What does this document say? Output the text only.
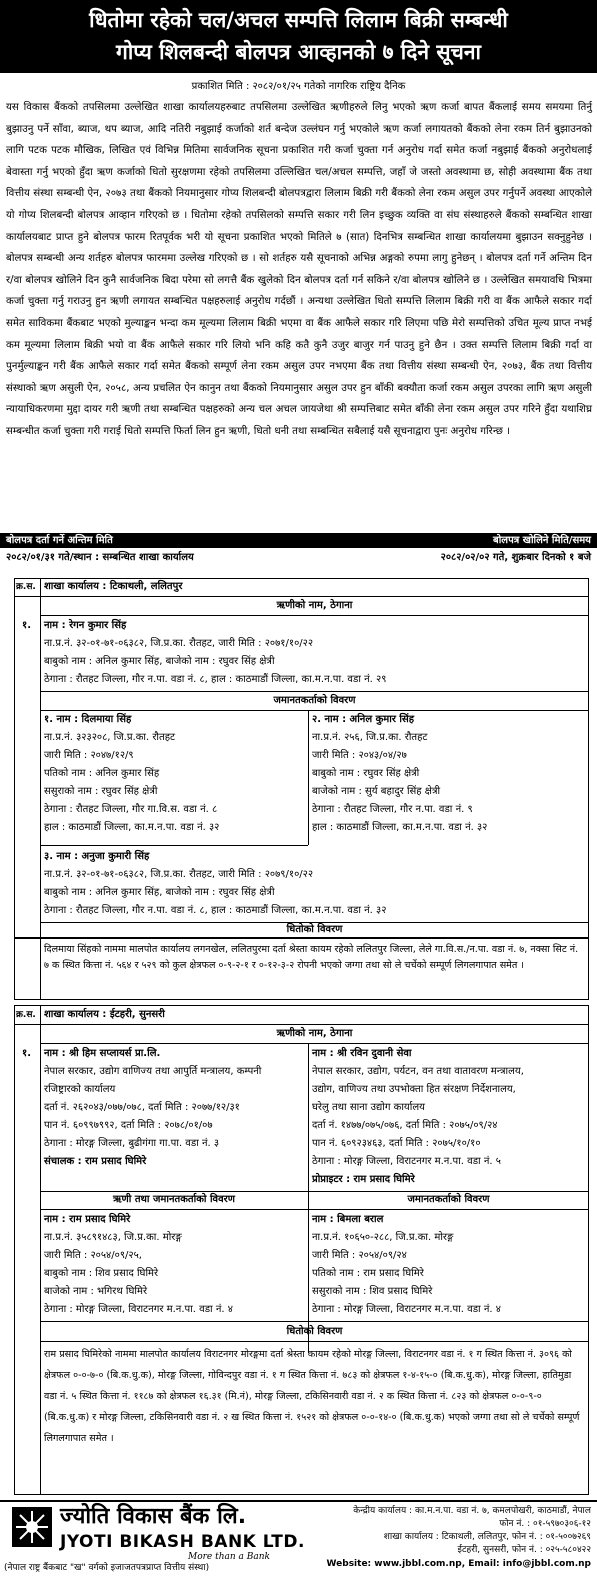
धितोमा रहेको चल/अचल सम्पत्ति लिलाम बिक्री सम्बन्धी
गोप्य शिलबन्दी बोलपत्र आव्हानको ७ दिने सूचना
प्रकाशित मिति : २०८२/०१/२५ गतेको नागरिक राष्ट्रिय दैनिक
यस विकास बैंकको तपसिलमा उल्लेखित शाखा कार्यालयहरुबाट तपसिलमा उल्लेखित ऋणीहरुले लिनु भएको ऋण कर्जा बापत बैंकलाई समय समयमा तिर्नु बुझाउनु पर्ने साँवा, ब्याज, थप ब्याज, आदि नतिरी नबुझाई कर्जाको शर्त बन्देज उल्लंघन गर्नु भएकोले ऋण कर्जा लगायतको बैंकको लेना रकम तिर्न बुझाउनको लागि पटक पटक मौखिक, लिखित एवं विभिन्न मितिमा सार्वजनिक सूचना प्रकाशित गरी कर्जा चुक्ता गर्न अनुरोध गर्दा समेत कर्जा नबुझाई बैंकको अनुरोधलाई बेवास्ता गर्नु भएको हुँदा ऋण कर्जाको धितो सुरक्षणमा रहेको तपसिलमा उल्लिखित चल/अचल सम्पत्ति, जहाँ जे जस्तो अवस्थामा छ, सोही अवस्थामा बैंक तथा वित्तीय संस्था सम्बन्धी ऐन, २०७३ तथा बैंकको नियमानुसार गोप्य शिलबन्दी बोलपत्रद्वारा लिलाम बिक्री गरी बैंकको लेना रकम असुल उपर गर्नुपर्ने अवस्था आएकोले यो गोप्य शिलबन्दी बोलपत्र आव्हान गरिएको छ । धितोमा रहेको तपसिलको सम्पत्ति सकार गरी लिन इच्छुक व्यक्ति वा संघ संस्थाहरुले बैंकको सम्बन्धित शाखा कार्यालयबाट प्राप्त हुने बोलपत्र फारम रितपूर्वक भरी यो सूचना प्रकाशित भएको मितिले ७ (सात) दिनभित्र सम्बन्धित शाखा कार्यालयमा बुझाउन सक्नुहुनेछ । बोलपत्र सम्बन्धी अन्य शर्तहरु बोलपत्र फारममा उल्लेख गरिएको छ । सो शर्तहरु यसै सूचनाको अभिन्न अङ्गको रुपमा लागु हुनेछन् । बोलपत्र दर्ता गर्ने अन्तिम दिन र/वा बोलपत्र खोलिने दिन कुनै सार्वजनिक बिदा परेमा सो लगत्तै बैंक खुलेको दिन बोलपत्र दर्ता गर्न सकिने र/वा बोलपत्र खोलिने छ । उल्लेखित समयावधि भित्रमा कर्जा चुक्ता गर्नु गराउनु हुन ऋणी लगायत सम्बन्धित पक्षहरुलाई अनुरोध गर्दछौं । अन्यथा उल्लेखित धितो सम्पत्ति लिलाम बिक्री गरी वा बैंक आफैले सकार गर्दा समेत साविकमा बैंकबाट भएको मुल्याङ्कन भन्दा कम मूल्यमा लिलाम बिक्री भएमा वा बैंक आफैले सकार गरि लिएमा पछि मेरो सम्पत्तिको उचित मूल्य प्राप्त नभई कम मूल्यमा लिलाम बिक्री भयो वा बैंक आफैले सकार गरि लियो भनि कहि कतै कुनै उजुर बाजुर गर्न पाउनु हुने छैन । उक्त सम्पत्ति लिलाम बिक्री गर्दा वा पुनर्मुल्याङ्कन गरी बैंक आफैले सकार गर्दा समेत बैंकको सम्पूर्ण लेना रकम असुल उपर नभएमा बैंक तथा वित्तीय संस्था सम्बन्धी ऐन, २०७३, बैंक तथा वित्तीय संस्थाको ऋण असुली ऐन, २०५८, अन्य प्रचलित ऐन कानुन तथा बैंकको नियमानुसार असुल उपर हुन बाँकी बक्यौता कर्जा रकम असुल उपरका लागि ऋण असुली न्यायाधिकरणमा मुद्दा दायर गरी ऋणी तथा सम्बन्धित पक्षहरुको अन्य चल अचल जायजेथा श्री सम्पत्तिबाट समेत बाँकी लेना रकम असुल उपर गरिने हुँदा यथाशिघ्र सम्बन्धीत कर्जा चुक्ता गरी गराई धितो सम्पत्ति फिर्ता लिन हुन ऋणी, धितो धनी तथा सम्बन्धित सबैलाई यसै सूचनाद्वारा पुनः अनुरोध गरिन्छ ।
बोलपत्र दर्ता गर्ने अन्तिम मिति	बोलपत्र खोलिने मिति/समय
२०८२/०१/३१ गते/स्थान : सम्बन्धित शाखा कार्यालय	२०८२/०२/०२ गते, शुक्रबार दिनको १ बजे
क्र.स. शाखा कार्यालय : टिकाथली, ललितपुर
ऋणीको नाम, ठेगाना
१. नाम : रेगन कुमार सिंह
ना.प्र.नं. ३२-०१-७१-०६३८२, जि.प्र.का. रौतहट, जारी मिति : २०७१/१०/२२
बाबुको नाम : अनिल कुमार सिंह, बाजेको नाम : रघुवर सिंह क्षेत्री
ठेगाना : रौतहट जिल्ला, गौर न.पा. वडा नं. ८, हाल : काठमाडौं जिल्ला, का.म.न.पा. वडा नं. २९
जमानतकर्ताको विवरण
१. नाम : दिलमाया सिंह
ना.प्र.नं. ३२३२०८, जि.प्र.का. रौतहट
जारी मिति : २०४७/१२/९
पतिको नाम : अनिल कुमार सिंह
ससुराको नाम : रघुवर सिंह क्षेत्री
ठेगाना : रौतहट जिल्ला, गौर गा.वि.स. वडा नं. ८
हाल : काठमाडौं जिल्ला, का.म.न.पा. वडा नं. ३२
२. नाम : अनिल कुमार सिंह
ना.प्र.नं. २५६, जि.प्र.का. रौतहट
जारी मिति : २०४३/०४/२७
बाबुको नाम : रघुवर सिंह क्षेत्री
बाजेको नाम : सुर्य बहादुर सिंह क्षेत्री
ठेगाना : रौतहट जिल्ला, गौर न.पा. वडा नं. ९
हाल : काठमाडौं जिल्ला, का.म.न.पा. वडा नं. ३२
३. नाम : अनुजा कुमारी सिंह
ना.प्र.नं. ३२-०१-७१-०६३८२, जि.प्र.का. रौतहट, जारी मिति : २०७९/१०/२२
बाबुको नाम : अनिल कुमार सिंह, बाजेको नाम : रघुवर सिंह क्षेत्री
ठेगाना : रौतहट जिल्ला, गौर न.पा. वडा नं. ८, हाल : काठमाडौं जिल्ला, का.म.न.पा. वडा नं. ३२
धितोको विवरण
दिलमाया सिंहको नाममा मालपोत कार्यालय लगनखेल, ललितपुरमा दर्ता श्रेस्ता कायम रहेको ललितपुर जिल्ला, लेले गा.वि.स./न.पा. वडा नं. ७, नक्सा सिट नं. ७ क स्थित कित्ता नं. ५६४ र ५२९ को कुल क्षेत्रफल ०-९-२-१ र ०-१२-३-२ रोपनी भएको जग्गा तथा सो ले चर्चेको सम्पूर्ण लिगलगापात समेत ।
क्र.स. शाखा कार्यालय : ईटहरी, सुनसरी
ऋणीको नाम, ठेगाना
१. नाम : श्री हिम सप्लायर्स प्रा.लि.
नेपाल सरकार, उद्योग वाणिज्य तथा आपुर्ति मन्त्रालय, कम्पनी
रजिष्ट्रारको कार्यालय
दर्ता नं. २६२०४३/०७७/०७८, दर्ता मिति : २०७७/१२/३१
पान नं. ६०९९७९९२, दर्ता मिति : २०७८/०१/०७
ठेगाना : मोरङ्ग जिल्ला, बुढीगंगा गा.पा. वडा नं. ३
संचालक : राम प्रसाद घिमिरे
नाम : श्री रविन दुवानी सेवा
नेपाल सरकार, उद्योग, पर्यटन, वन तथा वातावरण मन्त्रालय,
उद्योग, वाणिज्य तथा उपभोक्ता हित संरक्षण निर्देशनालय,
घरेलु तथा साना उद्योग कार्यालय
दर्ता नं. १४७७/०७५/०७६, दर्ता मिति : २०७५/०९/२४
पान नं. ६०९२३४६३, दर्ता मिति : २०७५/१०/१०
ठेगाना : मोरङ्ग जिल्ला, विराटनगर म.न.पा. वडा नं. ५
प्रोप्राइटर : राम प्रसाद घिमिरे
ऋणी तथा जमानतकर्ताको विवरण	जमानतकर्ताको विवरण
नाम : राम प्रसाद घिमिरे
ना.प्र.नं. ३५८९१४८३, जि.प्र.का. मोरङ्ग
जारी मिति : २०५४/०९/२५,
बाबुको नाम : शिव प्रसाद घिमिरे
बाजेको नाम : भगिरथ घिमिरे
ठेगाना : मोरङ्ग जिल्ला, विराटनगर म.न.पा. वडा नं. ४
नाम : बिमला बराल
ना.प्र.नं. १०६५०-२८८, जि.प्र.का. मोरङ्ग
जारी मिति : २०५४/०९/२४
पतिको नाम : राम प्रसाद घिमिरे
ससुराको नाम : शिव प्रसाद घिमिरे
ठेगाना : मोरङ्ग जिल्ला, विराटनगर म.न.पा. वडा नं. ४
धितोको विवरण
राम प्रसाद घिमिरेको नाममा मालपोत कार्यालय विराटनगर मोरङ्गमा दर्ता श्रेस्ता कायम रहेको मोरङ्ग जिल्ला, विराटनगर वडा नं. १ ग स्थित कित्ता नं. ३०९६ को क्षेत्रफल ०-०-७-० (बि.क.धु.क), मोरङ्ग जिल्ला, गोविन्दपुर वडा नं. १ ग स्थित कित्ता नं. ७८३ को क्षेत्रफल १-४-१५-० (बि.क.धु.क), मोरङ्ग जिल्ला, हातिमुडा वडा नं. ५ स्थित कित्ता नं. ११८७ को क्षेत्रफल १६.३१ (मि.नं), मोरङ्ग जिल्ला, टकिसिनवारी वडा नं. २ क स्थित कित्ता नं. ८२३ को क्षेत्रफल ०-०-९-० (बि.क.धु.क) र मोरङ्ग जिल्ला, टकिसिनवारी वडा नं. २ ख स्थित कित्ता नं. १५२१ को क्षेत्रफल ०-०-१४-० (बि.क.धु.क) भएको जग्गा तथा सो ले चर्चेको सम्पूर्ण लिगलगापात समेत ।
ज्योति विकास बैंक लि.
JYOTI BIKASH BANK LTD.
More than a Bank
(नेपाल राष्ट्र बैंकबाट "ख" वर्गको इजाजतपत्रप्राप्त वित्तीय संस्था)
केन्द्रीय कार्यालय : का.म.न.पा. वडा नं. ७, कमलपोखरी, काठमाडौं, नेपाल
फोन नं. : ०१-५९७०३०६-१२
शाखा कार्यालय : टिकाथली, ललितपुर, फोन नं. : ०१-५००७२६९
ईटहरी, सुनसरी, फोन नं. : ०२५-५८०४२२
Website: www.jbbl.com.np, Email: info@jbbl.com.np
